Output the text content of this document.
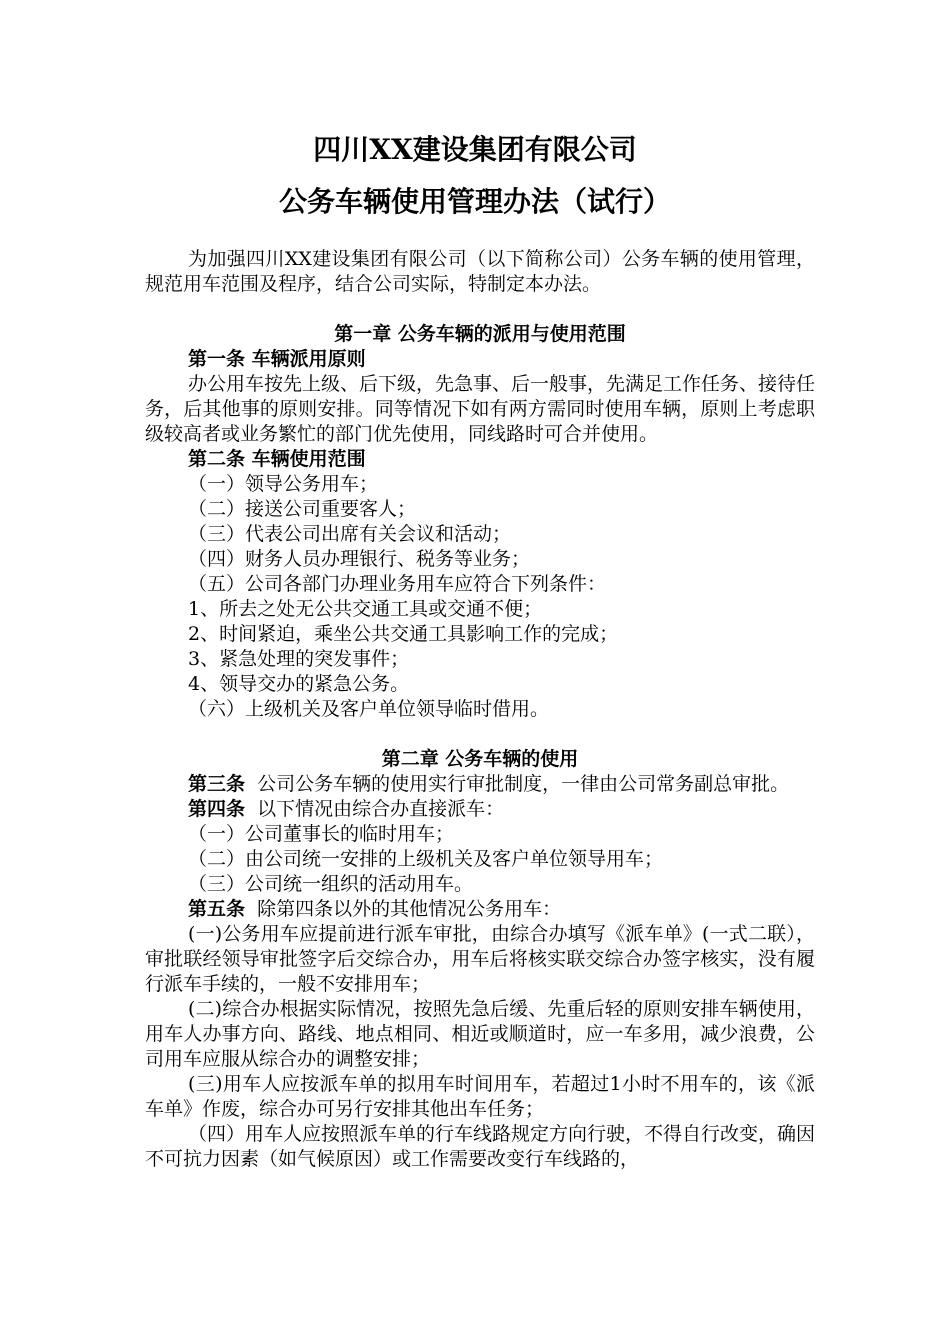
四川XX建设集团有限公司
公务车辆使用管理办法（试行）

为加强四川XX建设集团有限公司（以下简称公司）公务车辆的使用管理，规范用车范围及程序，结合公司实际，特制定本办法。

第一章 公务车辆的派用与使用范围

第一条 车辆派用原则

办公用车按先上级、后下级，先急事、后一般事，先满足工作任务、接待任务，后其他事的原则安排。同等情况下如有两方需同时使用车辆，原则上考虑职级较高者或业务繁忙的部门优先使用，同线路时可合并使用。

第二条 车辆使用范围

（一）领导公务用车；

（二）接送公司重要客人；

（三）代表公司出席有关会议和活动；

（四）财务人员办理银行、税务等业务；

（五）公司各部门办理业务用车应符合下列条件：

1、所去之处无公共交通工具或交通不便；

2、时间紧迫，乘坐公共交通工具影响工作的完成；

3、紧急处理的突发事件；

4、领导交办的紧急公务。

（六）上级机关及客户单位领导临时借用。

第二章 公务车辆的使用

第三条 公司公务车辆的使用实行审批制度，一律由公司常务副总审批。

第四条 以下情况由综合办直接派车：

（一）公司董事长的临时用车；

（二）由公司统一安排的上级机关及客户单位领导用车；

（三）公司统一组织的活动用车。

第五条 除第四条以外的其他情况公务用车：

(一)公务用车应提前进行派车审批，由综合办填写《派车单》(一式二联），审批联经领导审批签字后交综合办，用车后将核实联交综合办签字核实，没有履行派车手续的，一般不安排用车；

(二)综合办根据实际情况，按照先急后缓、先重后轻的原则安排车辆使用，用车人办事方向、路线、地点相同、相近或顺道时，应一车多用，减少浪费，公司用车应服从综合办的调整安排；

(三)用车人应按派车单的拟用车时间用车，若超过1小时不用车的，该《派车单》作废，综合办可另行安排其他出车任务；

（四）用车人应按照派车单的行车线路规定方向行驶，不得自行改变，确因不可抗力因素（如气候原因）或工作需要改变行车线路的，
